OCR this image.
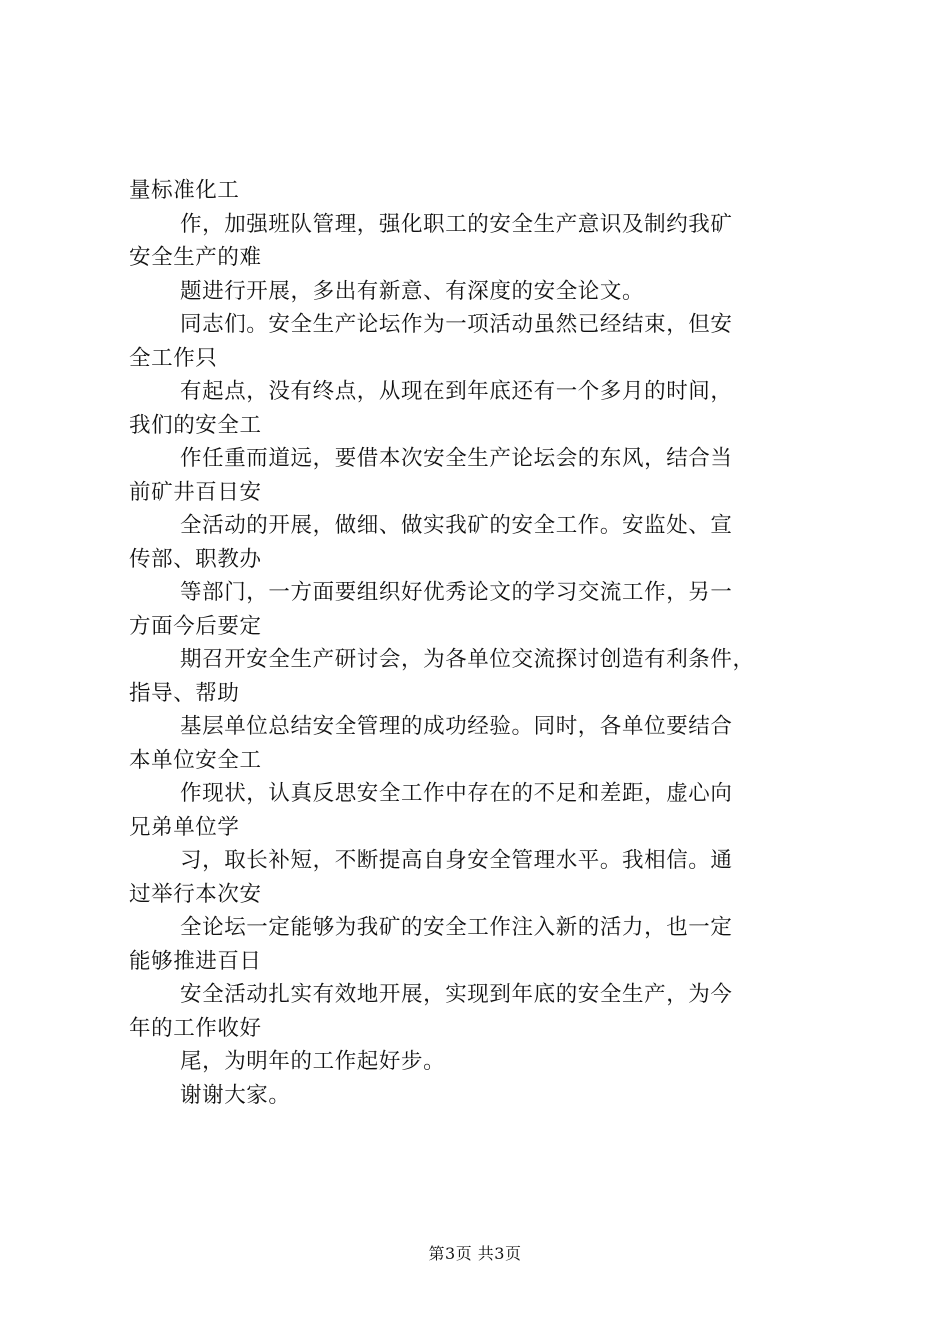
量标准化工
作，加强班队管理，强化职工的安全生产意识及制约我矿
安全生产的难
题进行开展，多出有新意、有深度的安全论文。
同志们。安全生产论坛作为一项活动虽然已经结束，但安
全工作只
有起点，没有终点，从现在到年底还有一个多月的时间，
我们的安全工
作任重而道远，要借本次安全生产论坛会的东风，结合当
前矿井百日安
全活动的开展，做细、做实我矿的安全工作。安监处、宣
传部、职教办
等部门，一方面要组织好优秀论文的学习交流工作，另一
方面今后要定
期召开安全生产研讨会，为各单位交流探讨创造有利条件，
指导、帮助
基层单位总结安全管理的成功经验。同时，各单位要结合
本单位安全工
作现状，认真反思安全工作中存在的不足和差距，虚心向
兄弟单位学
习，取长补短，不断提高自身安全管理水平。我相信。通
过举行本次安
全论坛一定能够为我矿的安全工作注入新的活力，也一定
能够推进百日
安全活动扎实有效地开展，实现到年底的安全生产，为今
年的工作收好
尾，为明年的工作起好步。
谢谢大家。
第3页 共3页
